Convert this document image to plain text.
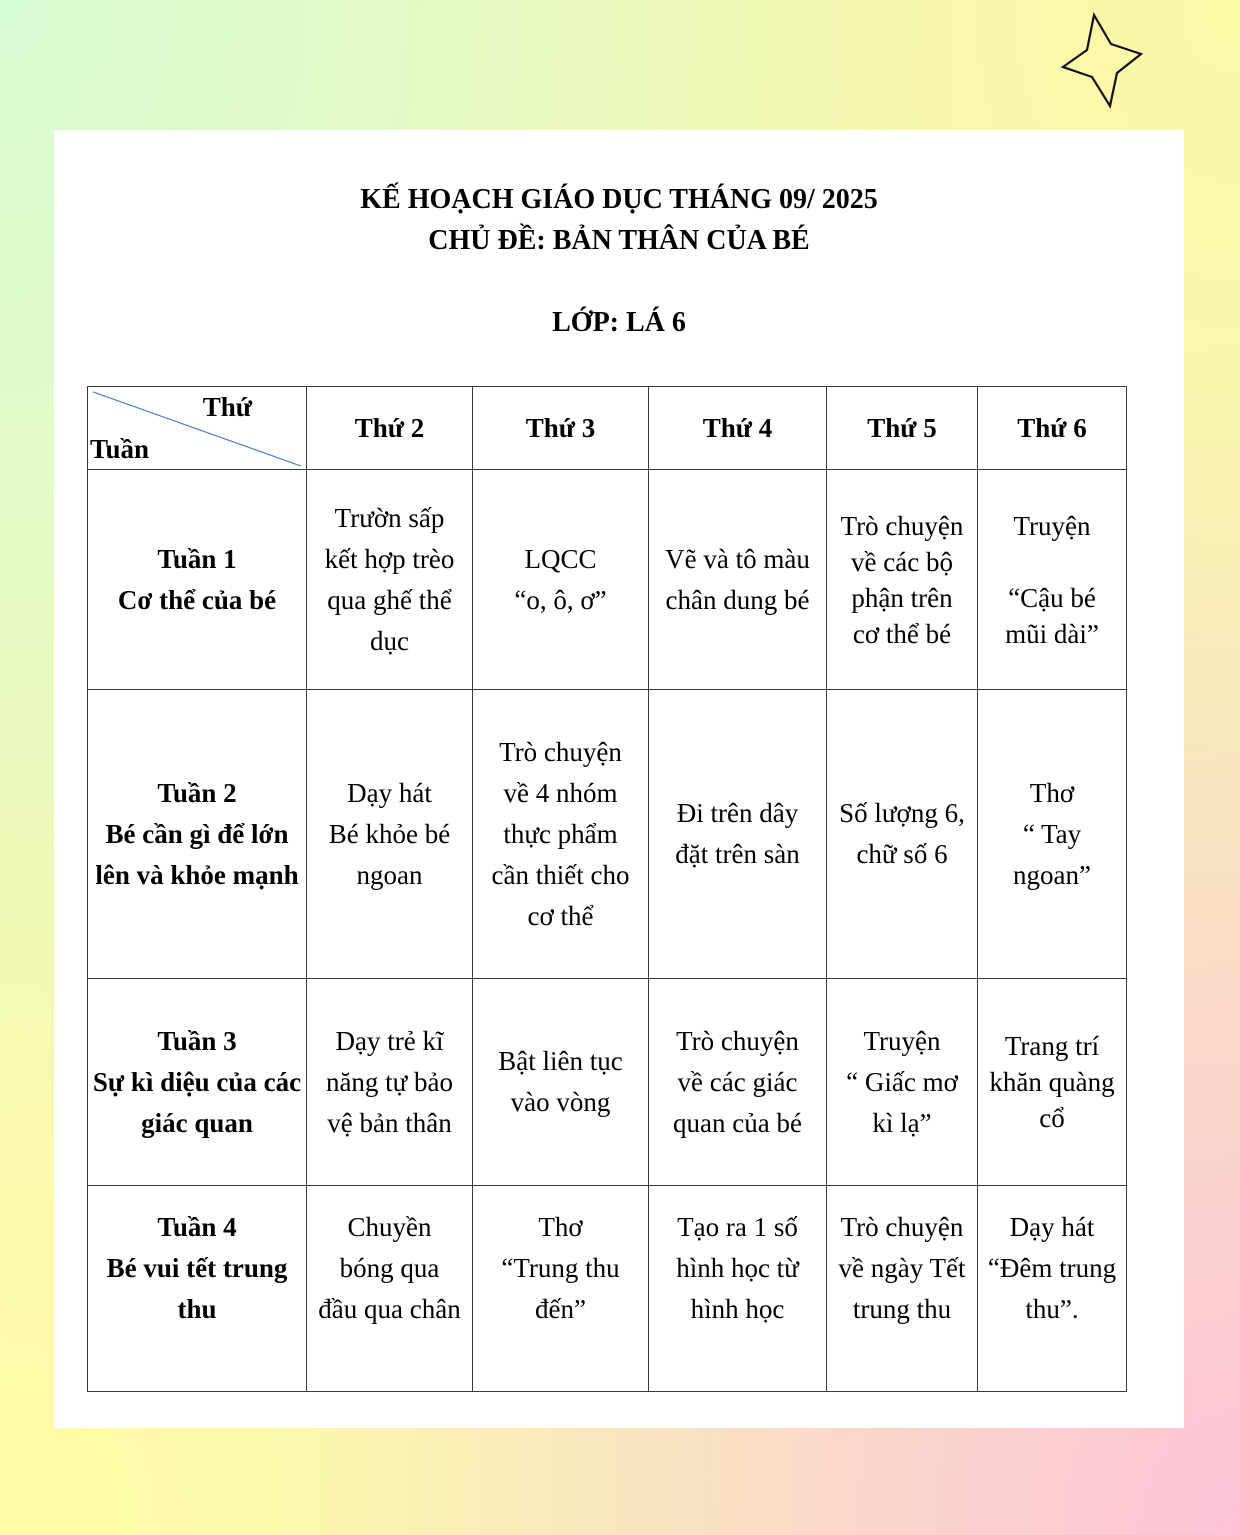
KẾ HOẠCH GIÁO DỤC THÁNG 09/ 2025
CHỦ ĐỀ: BẢN THÂN CỦA BÉ
LỚP: LÁ 6
Thứ
Tuần	Thứ 2	Thứ 3	Thứ 4	Thứ 5	Thứ 6

Tuần 1
Cơ thể của bé	Trườn sấp
kết hợp trèo
qua ghế thể
dục	LQCC
“o, ô, ơ”	Vẽ và tô màu
chân dung bé	Trò chuyện
về các bộ
phận trên
cơ thể bé	Truyện

“Cậu bé
mũi dài”

Tuần 2
Bé cần gì để lớn lên và khỏe mạnh	Dạy hát
Bé khỏe bé
ngoan	Trò chuyện
về 4 nhóm
thực phẩm
cần thiết cho
cơ thể	Đi trên dây
đặt trên sàn	Số lượng 6,
chữ số 6	Thơ
“ Tay
ngoan”

Tuần 3
Sự kì diệu của các giác quan	Dạy trẻ kĩ
năng tự bảo
vệ bản thân	Bật liên tục
vào vòng	Trò chuyện
về các giác
quan của bé	Truyện
“ Giấc mơ
kì lạ”	Trang trí
khăn quàng
cổ

Tuần 4
Bé vui tết trung thu	Chuyền
bóng qua
đầu qua chân	Thơ
“Trung thu
đến”	Tạo ra 1 số
hình học từ
hình học	Trò chuyện
về ngày Tết
trung thu	Dạy hát
“Đêm trung
thu”.
